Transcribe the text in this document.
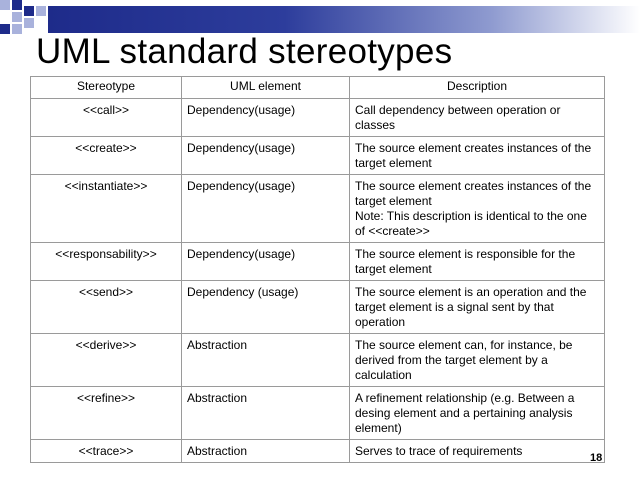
UML standard stereotypes
Stereotype	UML element	Description
<<call>>	Dependency(usage)	Call dependency between operation or
classes

<<create>>	Dependency(usage)	The source element creates instances of the
target element

<<instantiate>>	Dependency(usage)	The source element creates instances of the
target element
Note: This description is identical to the one
of <<create>>

<<responsability>>	Dependency(usage)	The source element is responsible for the
target element

<<send>>	Dependency (usage)	The source element is an operation and the
target element is a signal sent by that
operation

<<derive>>	Abstraction	The source element can, for instance, be
derived from the target element by a
calculation

<<refine>>	Abstraction	A refinement relationship (e.g. Between a
desing element and a pertaining analysis
element)

<<trace>>	Abstraction	Serves to trace of requirements	18
